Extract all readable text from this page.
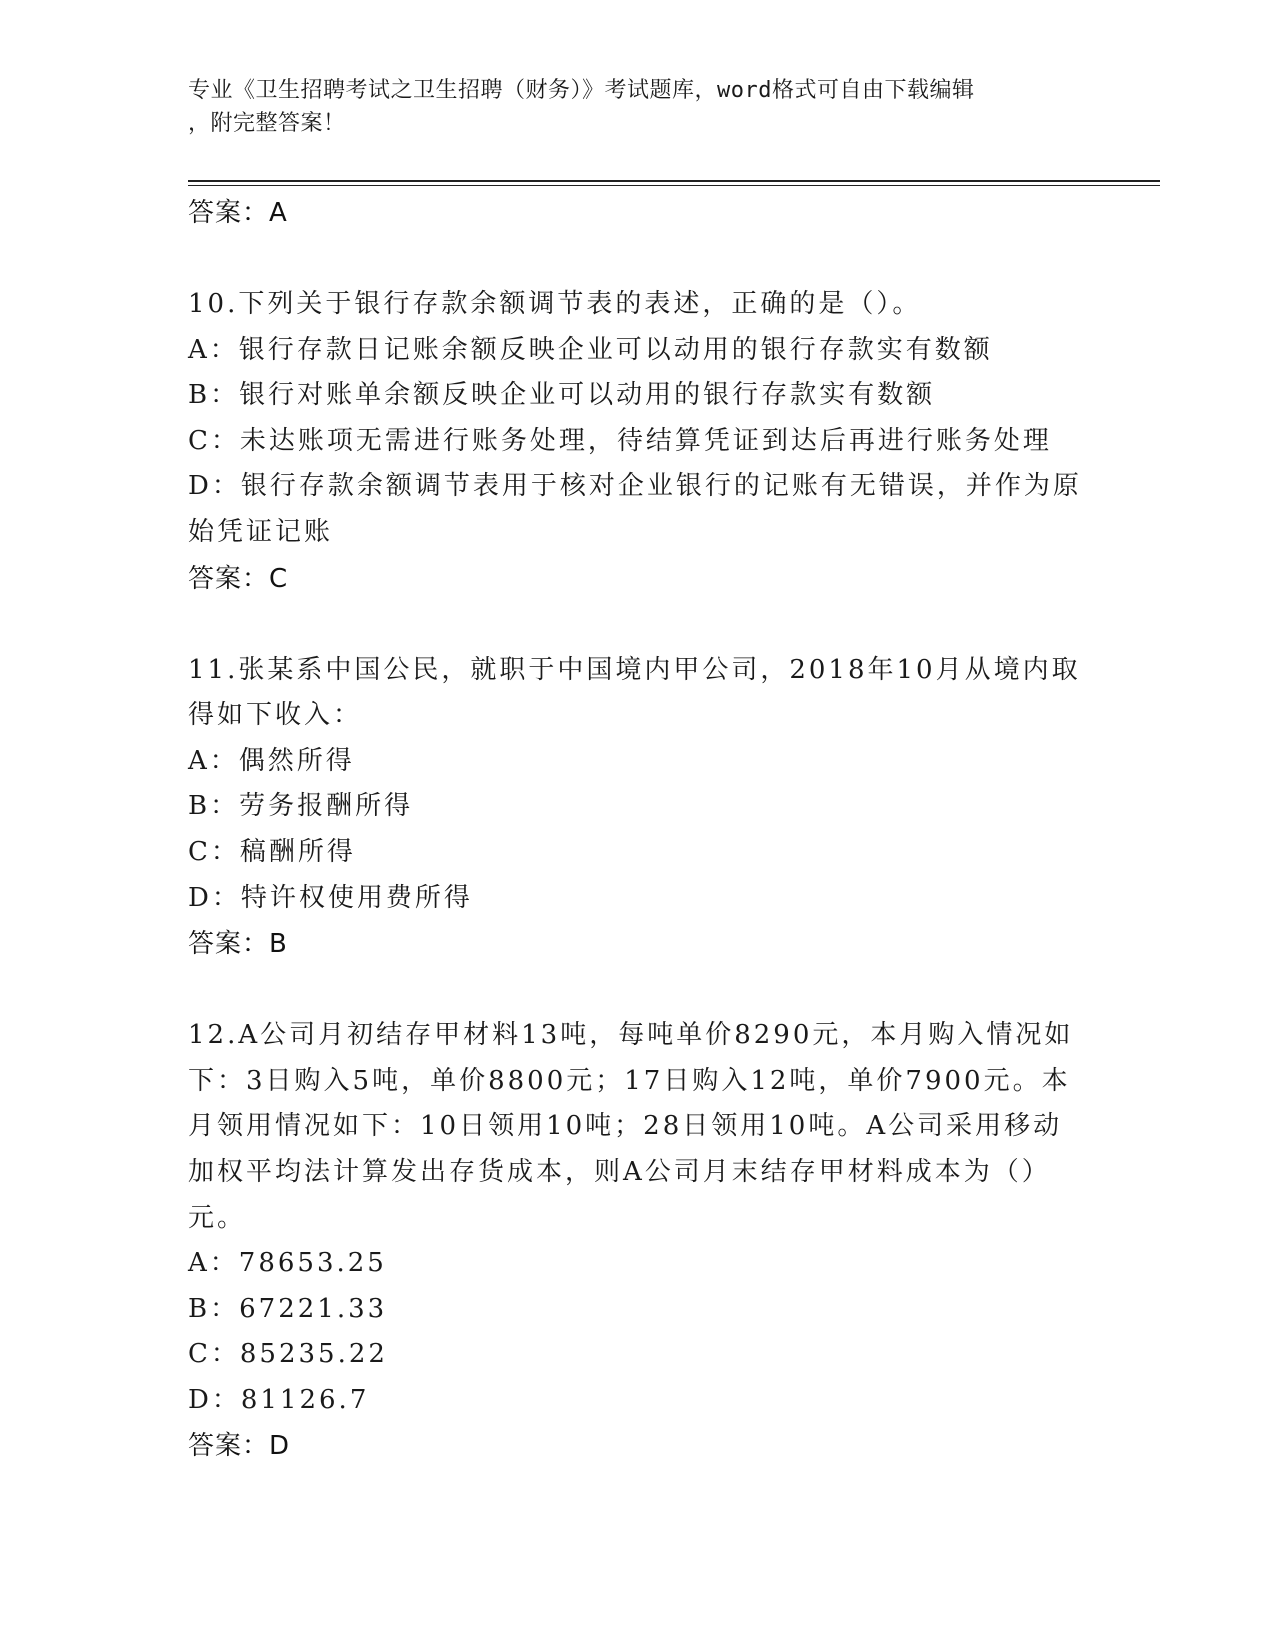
专业《卫生招聘考试之卫生招聘（财务）》考试题库，word格式可自由下载编辑
，附完整答案！
答案：A
10.下列关于银行存款余额调节表的表述，正确的是（）。
A：银行存款日记账余额反映企业可以动用的银行存款实有数额
B：银行对账单余额反映企业可以动用的银行存款实有数额
C：未达账项无需进行账务处理，待结算凭证到达后再进行账务处理
D：银行存款余额调节表用于核对企业银行的记账有无错误，并作为原始凭证记账
答案：C
11.张某系中国公民，就职于中国境内甲公司，2018年10月从境内取得如下收入：
A：偶然所得
B：劳务报酬所得
C：稿酬所得
D：特许权使用费所得
答案：B
12.A公司月初结存甲材料13吨，每吨单价8290元，本月购入情况如下：3日购入5吨，单价8800元；17日购入12吨，单价7900元。本月领用情况如下：10日领用10吨；28日领用10吨。A公司采用移动加权平均法计算发出存货成本，则A公司月末结存甲材料成本为（）元。
A：78653.25
B：67221.33
C：85235.22
D：81126.7
答案：D
